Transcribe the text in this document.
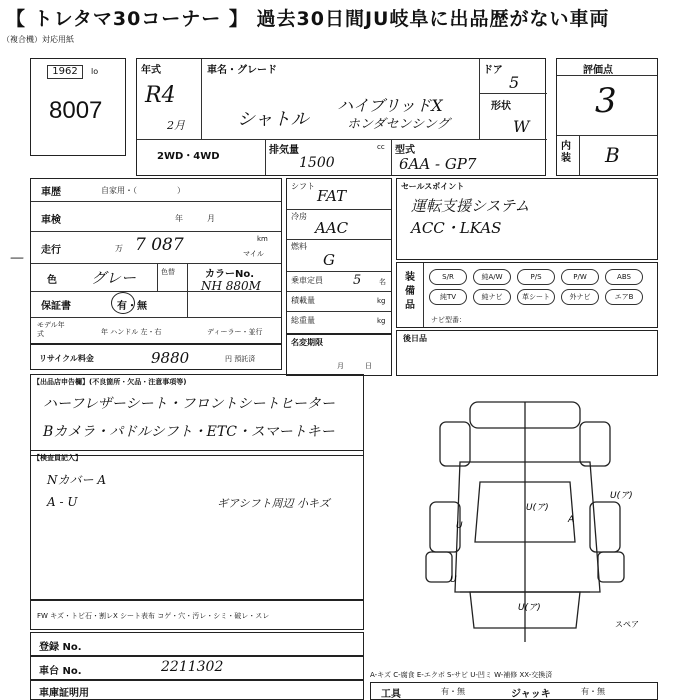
【 トレタマ30コーナー 】 過去30日間JU岐阜に出品歴がない車両
（複合機）対応用紙
1962	lo
8007
年式
R4
2月
車名・グレード
シャトル
ハイブリッドX
ホンダセンシング
ドア
5
形状
W
2WD・4WD
排気量
1500
cc 型式
6AA - GP7
評価点
3
内装 B
車歴	自家用・（　　　　　）
車検	年　　　月
走行	万 7 087	km
マイル
色 グレー	色替	カラーNo.
NH 880M
保証書	有・無
モデル年式	年 ハンドル 左・右	ディーラー・並行
シフト
FAT
冷房
AAC
燃料
G
乗車定員 5	名
積載量	kg
総重量	kg
セールスポイント
運転支援システム
ACC・LKAS
装備品
S/R	純A/W	P/S	P/W	ABS
純TV	純ナビ	革シート	外ナビ	エアB
ナビ型番：
リサイクル料金	9880	円 預託済
名変期限
月　　　日
後日品
【出品店申告欄】(不良箇所・欠品・注意事項等)
ハーフレザーシート・フロントシートヒーター
Bカメラ・パドルシフト・ETC・スマートキー
【検査員記入】
Nカバー A
A - U	ギアシフト周辺 小キズ	U(ア)
U
A
U(ア)
U(ア)
U
スペア
FW キズ・トビ石・割レX シート表布 コゲ・穴・汚レ・シミ・破レ・スレ
登録 No.
車台 No.	2211302
車庫証明用
A-キズ C-腐食 E-エクボ S-サビ U-凹ミ W-補修 XX-交換済
工具	有・無	ジャッキ	有・無
—
